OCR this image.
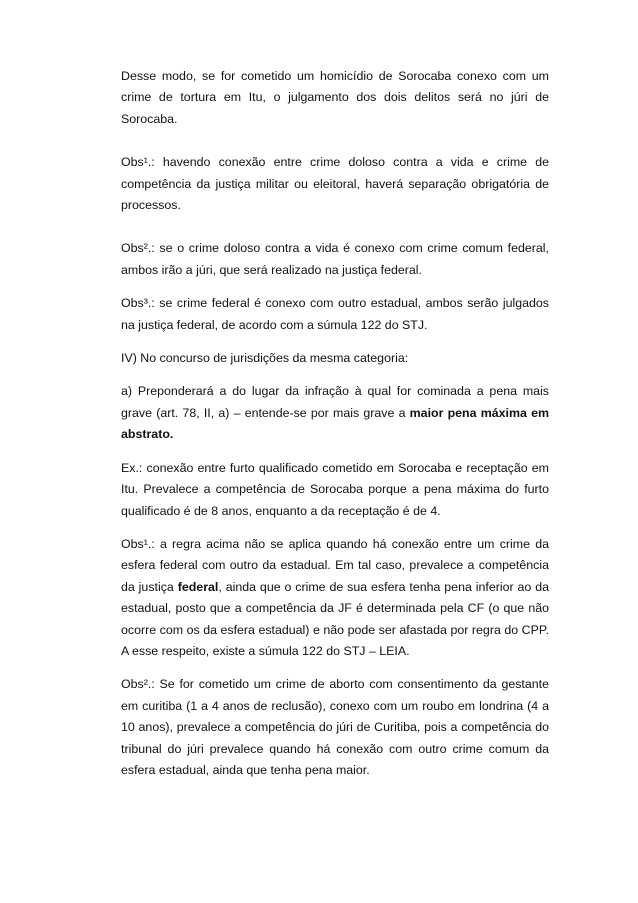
Desse modo, se for cometido um homicídio de Sorocaba conexo com um crime de tortura em Itu, o julgamento dos dois delitos será no júri de Sorocaba.

Obs¹.: havendo conexão entre crime doloso contra a vida e crime de competência da justiça militar ou eleitoral, haverá separação obrigatória de processos.

Obs².: se o crime doloso contra a vida é conexo com crime comum federal, ambos irão a júri, que será realizado na justiça federal.

Obs³.: se crime federal é conexo com outro estadual, ambos serão julgados na justiça federal, de acordo com a súmula 122 do STJ.

IV) No concurso de jurisdições da mesma categoria:

a) Preponderará a do lugar da infração à qual for cominada a pena mais grave (art. 78, II, a) – entende-se por mais grave a maior pena máxima em abstrato.

Ex.: conexão entre furto qualificado cometido em Sorocaba e receptação em Itu. Prevalece a competência de Sorocaba porque a pena máxima do furto qualificado é de 8 anos, enquanto a da receptação é de 4.

Obs¹.: a regra acima não se aplica quando há conexão entre um crime da esfera federal com outro da estadual. Em tal caso, prevalece a competência da justiça federal, ainda que o crime de sua esfera tenha pena inferior ao da estadual, posto que a competência da JF é determinada pela CF (o que não ocorre com os da esfera estadual) e não pode ser afastada por regra do CPP. A esse respeito, existe a súmula 122 do STJ – LEIA.

Obs².: Se for cometido um crime de aborto com consentimento da gestante em curitiba (1 a 4 anos de reclusão), conexo com um roubo em londrina (4 a 10 anos), prevalece a competência do júri de Curitiba, pois a competência do tribunal do júri prevalece quando há conexão com outro crime comum da esfera estadual, ainda que tenha pena maior.
